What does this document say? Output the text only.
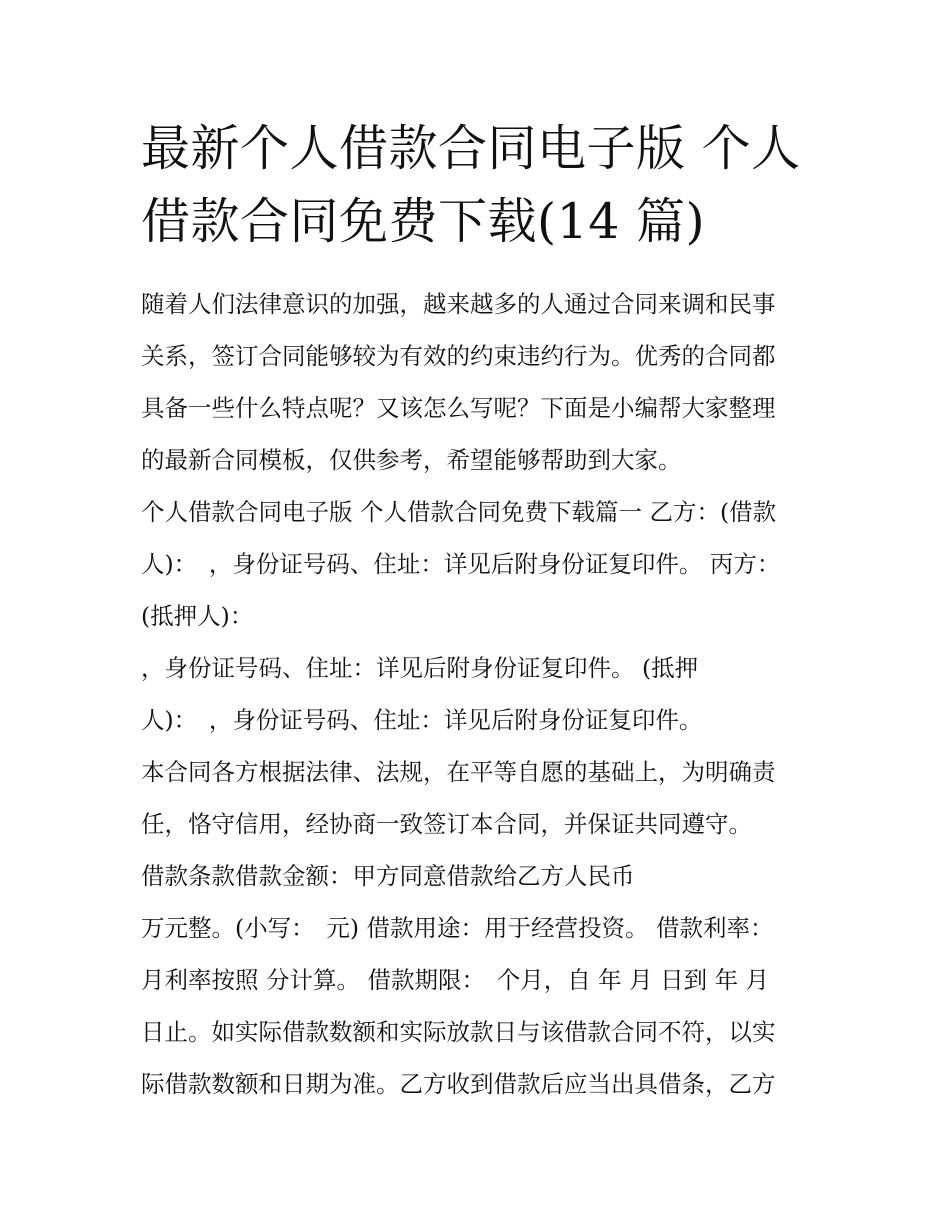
最新个人借款合同电子版 个人
借款合同免费下载(14 篇)
随着人们法律意识的加强，越来越多的人通过合同来调和民事
关系，签订合同能够较为有效的约束违约行为。优秀的合同都
具备一些什么特点呢？又该怎么写呢？下面是小编帮大家整理
的最新合同模板，仅供参考，希望能够帮助到大家。
个人借款合同电子版 个人借款合同免费下载篇一 乙方：(借款
人)：　，身份证号码、住址：详见后附身份证复印件。 丙方：
(抵押人)：
，身份证号码、住址：详见后附身份证复印件。 (抵押
人)：　，身份证号码、住址：详见后附身份证复印件。
本合同各方根据法律、法规，在平等自愿的基础上，为明确责
任，恪守信用，经协商一致签订本合同，并保证共同遵守。
借款条款借款金额：甲方同意借款给乙方人民币
万元整。(小写：　元) 借款用途：用于经营投资。 借款利率：
月利率按照 分计算。 借款期限：　个月，自 年 月 日到 年 月
日止。如实际借款数额和实际放款日与该借款合同不符，以实
际借款数额和日期为准。乙方收到借款后应当出具借条，乙方
